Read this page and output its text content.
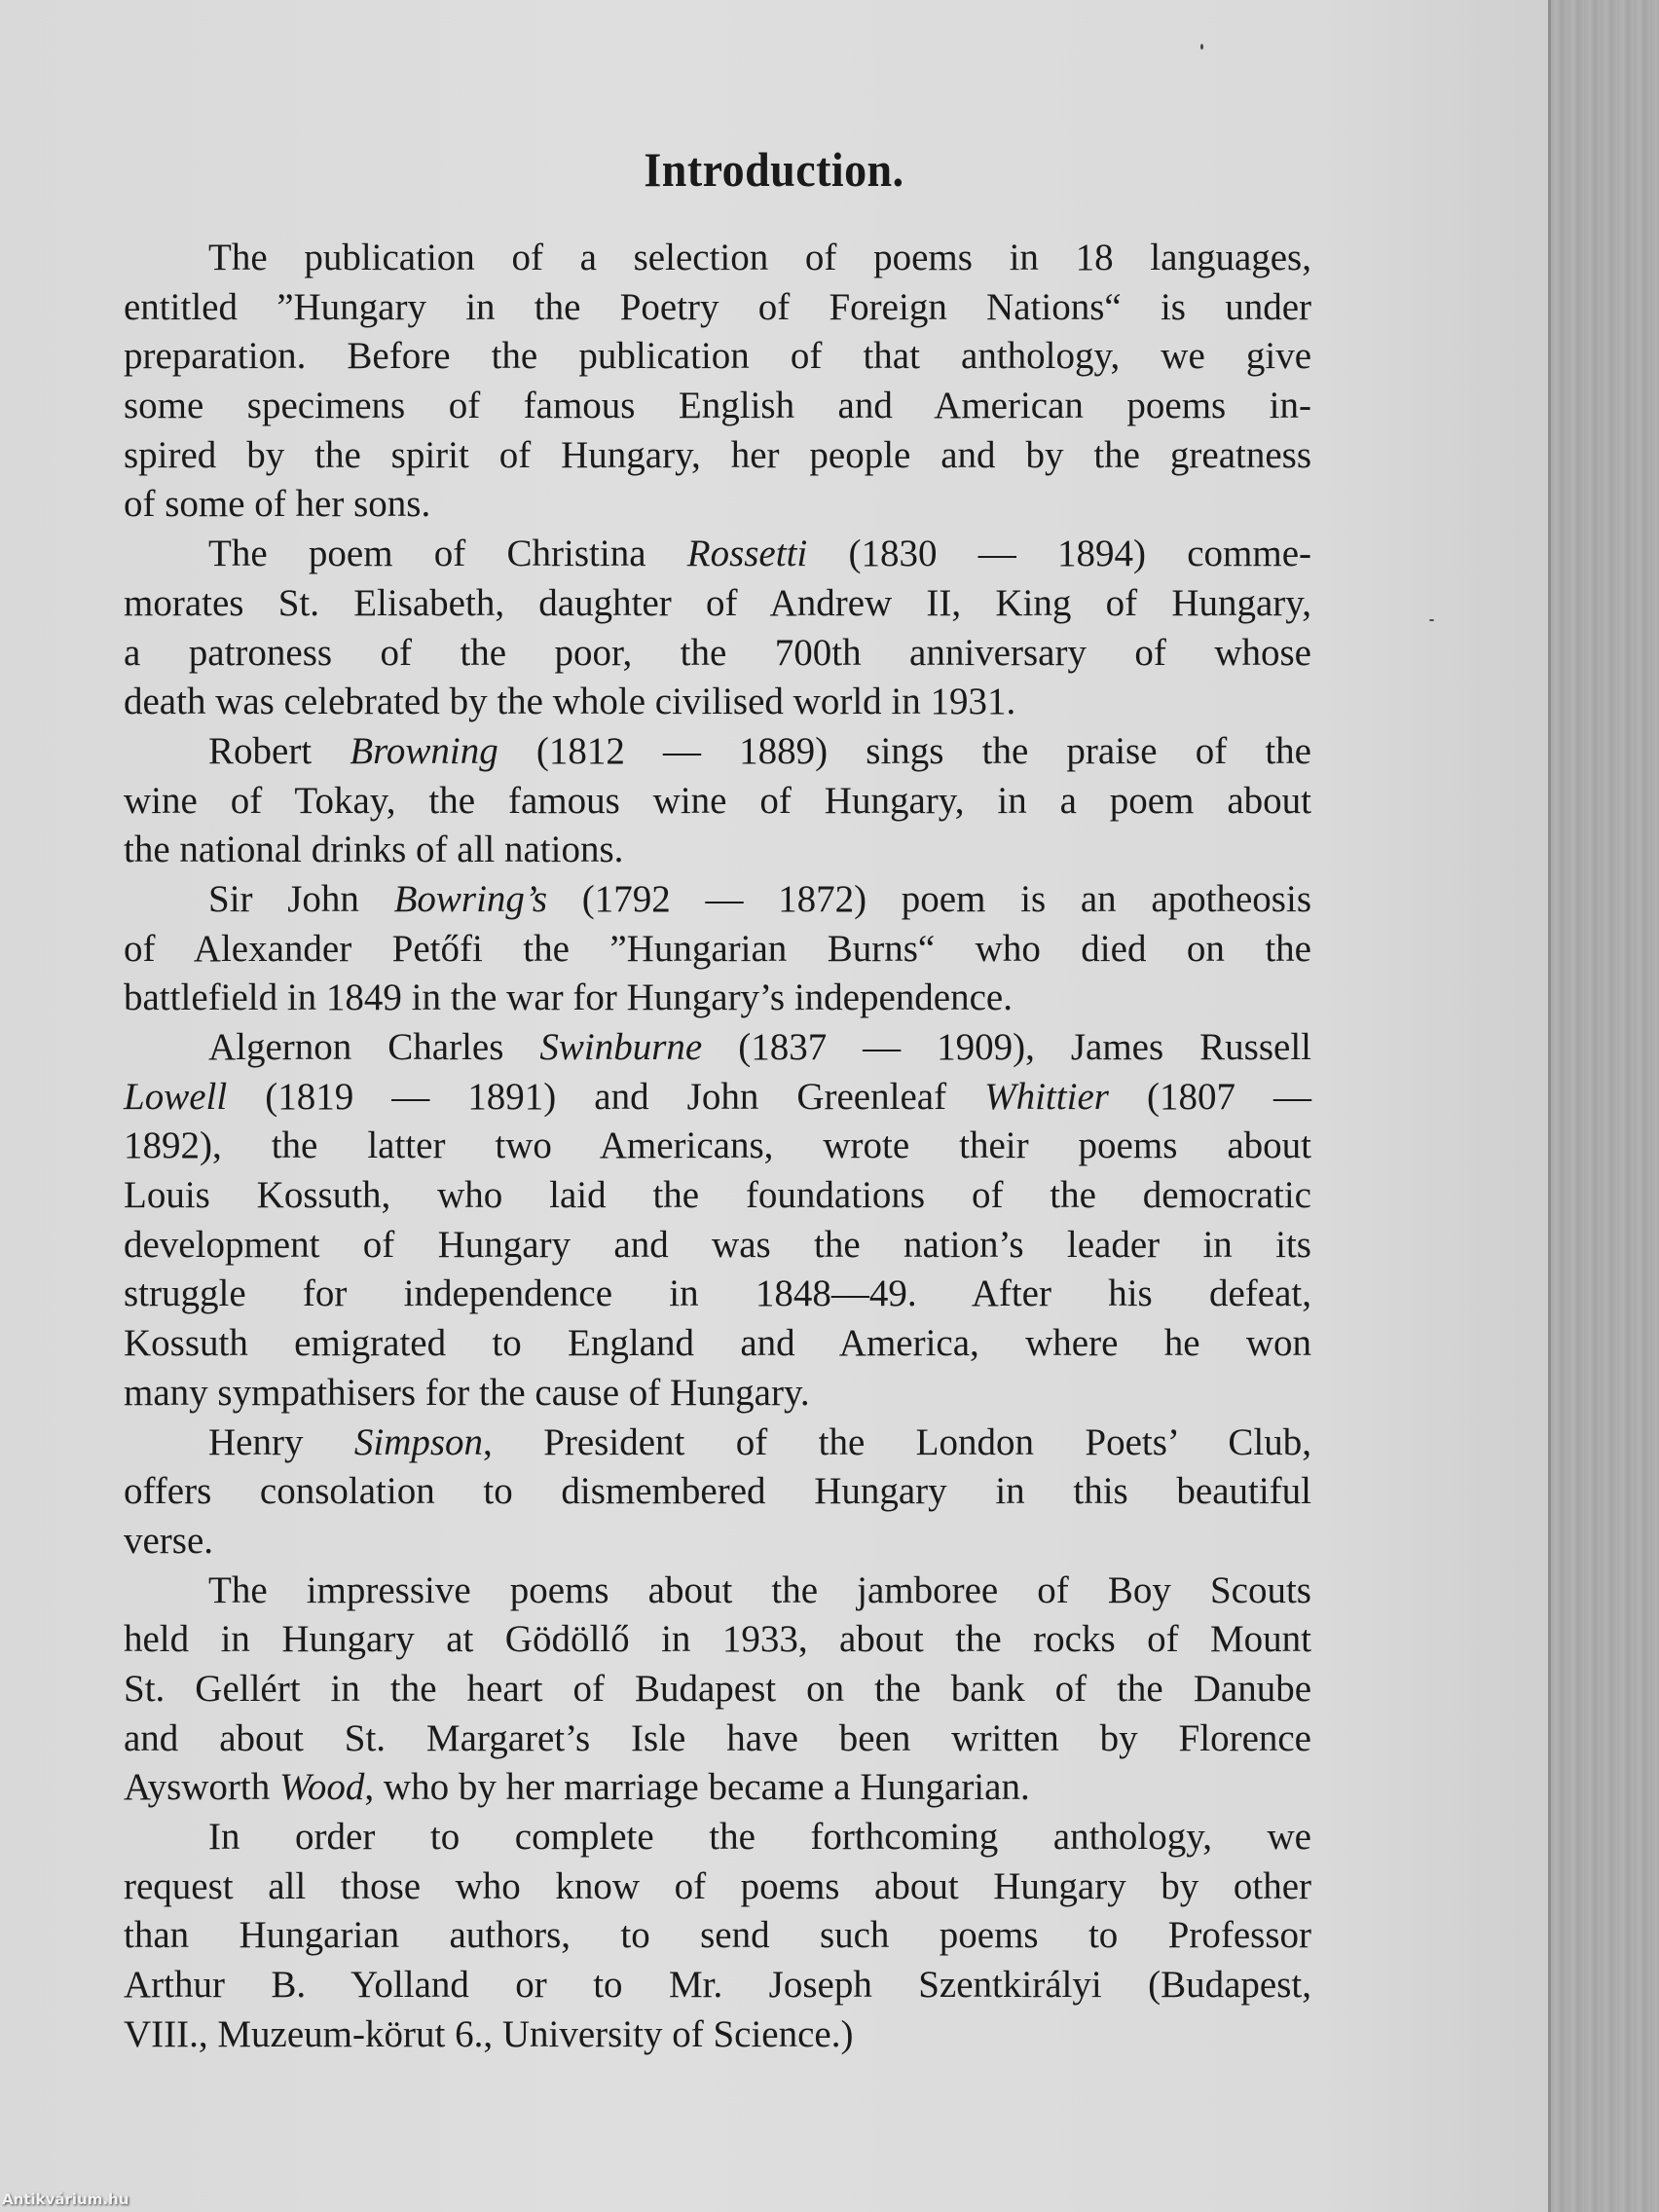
Introduction.
The publication of a selection of poems in 18 languages,
entitled ”Hungary in the Poetry of Foreign Nations“ is under
preparation. Before the publication of that anthology, we give
some specimens of famous English and American poems in-
spired by the spirit of Hungary, her people and by the greatness
of some of her sons.
The poem of Christina Rossetti (1830 — 1894) comme-
morates St. Elisabeth, daughter of Andrew II, King of Hungary,
a patroness of the poor, the 700th anniversary of whose
death was celebrated by the whole civilised world in 1931.
Robert Browning (1812 — 1889) sings the praise of the
wine of Tokay, the famous wine of Hungary, in a poem about
the national drinks of all nations.
Sir John Bowring’s (1792 — 1872) poem is an apotheosis
of Alexander Petőfi the ”Hungarian Burns“ who died on the
battlefield in 1849 in the war for Hungary’s independence.
Algernon Charles Swinburne (1837 — 1909), James Russell
Lowell (1819 — 1891) and John Greenleaf Whittier (1807 —
1892), the latter two Americans, wrote their poems about
Louis Kossuth, who laid the foundations of the democratic
development of Hungary and was the nation’s leader in its
struggle for independence in 1848—49. After his defeat,
Kossuth emigrated to England and America, where he won
many sympathisers for the cause of Hungary.
Henry Simpson, President of the London Poets’ Club,
offers consolation to dismembered Hungary in this beautiful
verse.
The impressive poems about the jamboree of Boy Scouts
held in Hungary at Gödöllő in 1933, about the rocks of Mount
St. Gellért in the heart of Budapest on the bank of the Danube
and about St. Margaret’s Isle have been written by Florence
Aysworth Wood, who by her marriage became a Hungarian.
In order to complete the forthcoming anthology, we
request all those who know of poems about Hungary by other
than Hungarian authors, to send such poems to Professor
Arthur B. Yolland or to Mr. Joseph Szentkirályi (Budapest,
VIII., Muzeum-körut 6., University of Science.)
Antikvárium.hu
